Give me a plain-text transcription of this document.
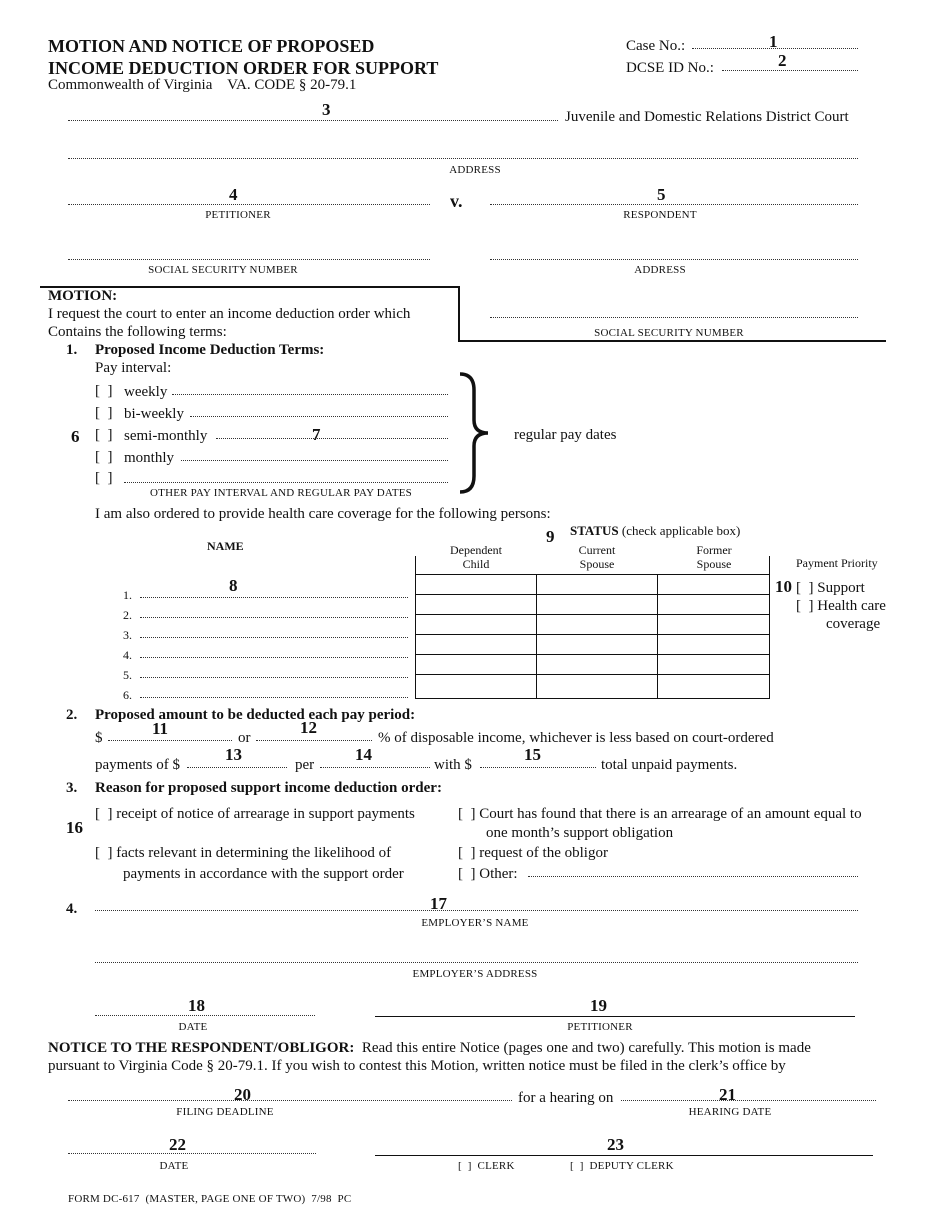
MOTION AND NOTICE OF PROPOSED
INCOME DEDUCTION ORDER FOR SUPPORT
Commonwealth of Virginia    VA. CODE § 20-79.1
Case No.:	1
DCSE ID No.:	2
3	Juvenile and Domestic Relations District Court
ADDRESS
4
PETITIONER
v.	5
RESPONDENT
SOCIAL SECURITY NUMBER	ADDRESS
SOCIAL SECURITY NUMBER
MOTION:
I request the court to enter an income deduction order which
Contains the following terms:
1. Proposed Income Deduction Terms:
Pay interval:
[  ] weekly
[  ] bi-weekly
6 [  ] semi-monthly	7
[  ] monthly
[  ]
OTHER PAY INTERVAL AND REGULAR PAY DATES
regular pay dates
I am also ordered to provide health care coverage for the following persons:
9 STATUS (check applicable box)
NAME	Dependent
Child
Current
Spouse
Former
Spouse	Payment Priority
8
1.
2.
3.
4.
5.
6.
10 [  ] Support
[  ] Health care
coverage
2. Proposed amount to be deducted each pay period:
$	11	or
12
% of disposable income, whichever is less based on court-ordered
payments of $
13
per
14
with $
15
total unpaid payments.
3. Reason for proposed support income deduction order:
16
[  ] receipt of notice of arrearage in support payments
[  ] facts relevant in determining the likelihood of
payments in accordance with the support order
[  ] Court has found that there is an arrearage of an amount equal to
one month’s support obligation
[  ] request of the obligor
[  ] Other:
4.	17
EMPLOYER’S NAME
EMPLOYER’S ADDRESS
18
DATE
19
PETITIONER
NOTICE TO THE RESPONDENT/OBLIGOR: Read this entire Notice (pages one and two) carefully. This motion is made
pursuant to Virginia Code § 20-79.1. If you wish to contest this Motion, written notice must be filed in the clerk’s office by
20
FILING DEADLINE
for a hearing on	21
HEARING DATE
22
DATE
23
[  ]  CLERK	[  ]  DEPUTY CLERK
FORM DC-617  (MASTER, PAGE ONE OF TWO)  7/98  PC
